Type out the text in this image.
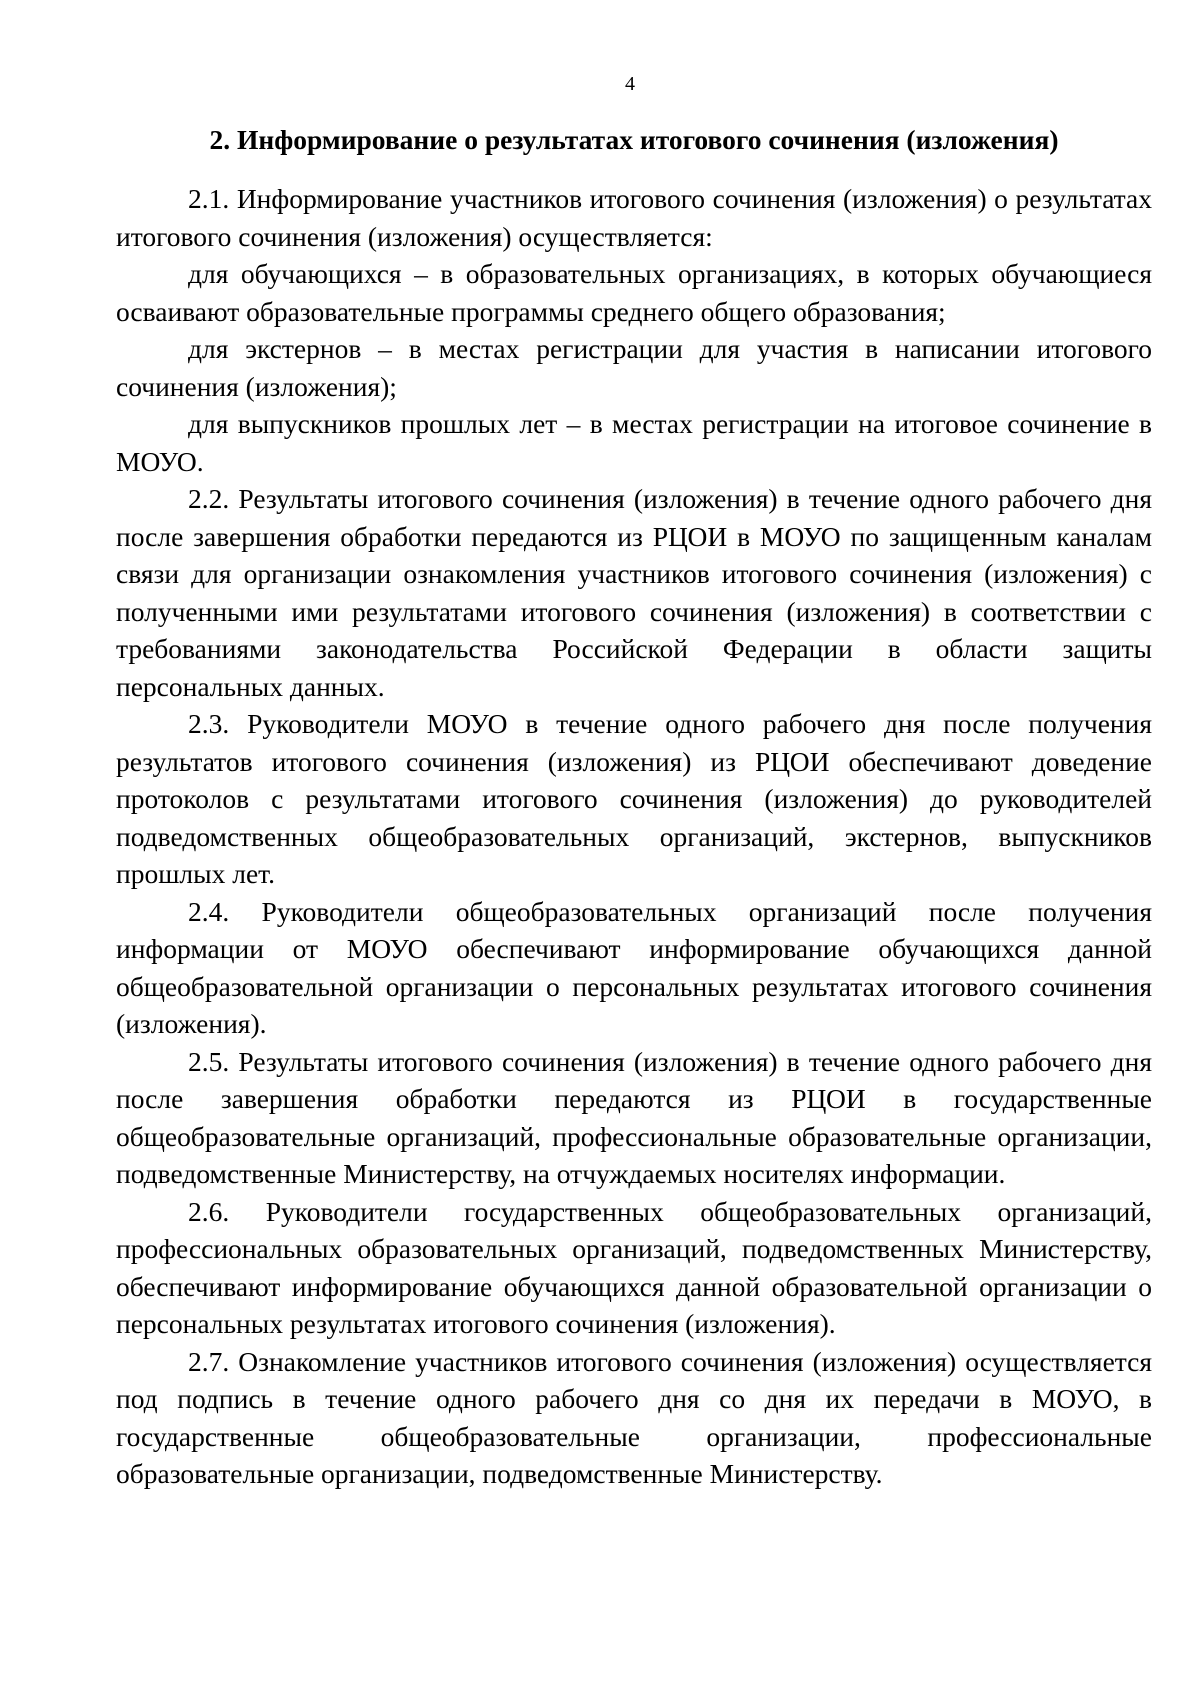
4
2. Информирование о результатах итогового сочинения (изложения)

2.1. Информирование участников итогового сочинения (изложения) о результатах итогового сочинения (изложения) осуществляется:

для обучающихся – в образовательных организациях, в которых обучающиеся осваивают образовательные программы среднего общего образования;

для экстернов – в местах регистрации для участия в написании итогового сочинения (изложения);

для выпускников прошлых лет – в местах регистрации на итоговое сочинение в МОУО.

2.2. Результаты итогового сочинения (изложения) в течение одного рабочего дня после завершения обработки передаются из РЦОИ в МОУО по защищенным каналам связи для организации ознакомления участников итогового сочинения (изложения) с полученными ими результатами итогового сочинения (изложения) в соответствии с требованиями законодательства Российской Федерации в области защиты персональных данных.

2.3. Руководители МОУО в течение одного рабочего дня после получения результатов итогового сочинения (изложения) из РЦОИ обеспечивают доведение протоколов с результатами итогового сочинения (изложения) до руководителей подведомственных общеобразовательных организаций, экстернов, выпускников прошлых лет.

2.4. Руководители общеобразовательных организаций после получения информации от МОУО обеспечивают информирование обучающихся данной общеобразовательной организации о персональных результатах итогового сочинения (изложения).

2.5. Результаты итогового сочинения (изложения) в течение одного рабочего дня после завершения обработки передаются из РЦОИ в государственные общеобразовательные организаций, профессиональные образовательные организации, подведомственные Министерству, на отчуждаемых носителях информации.

2.6. Руководители государственных общеобразовательных организаций, профессиональных образовательных организаций, подведомственных Министерству, обеспечивают информирование обучающихся данной образовательной организации о персональных результатах итогового сочинения (изложения).

2.7. Ознакомление участников итогового сочинения (изложения) осуществляется под подпись в течение одного рабочего дня со дня их передачи в МОУО, в государственные общеобразовательные организации, профессиональные образовательные организации, подведомственные Министерству.
